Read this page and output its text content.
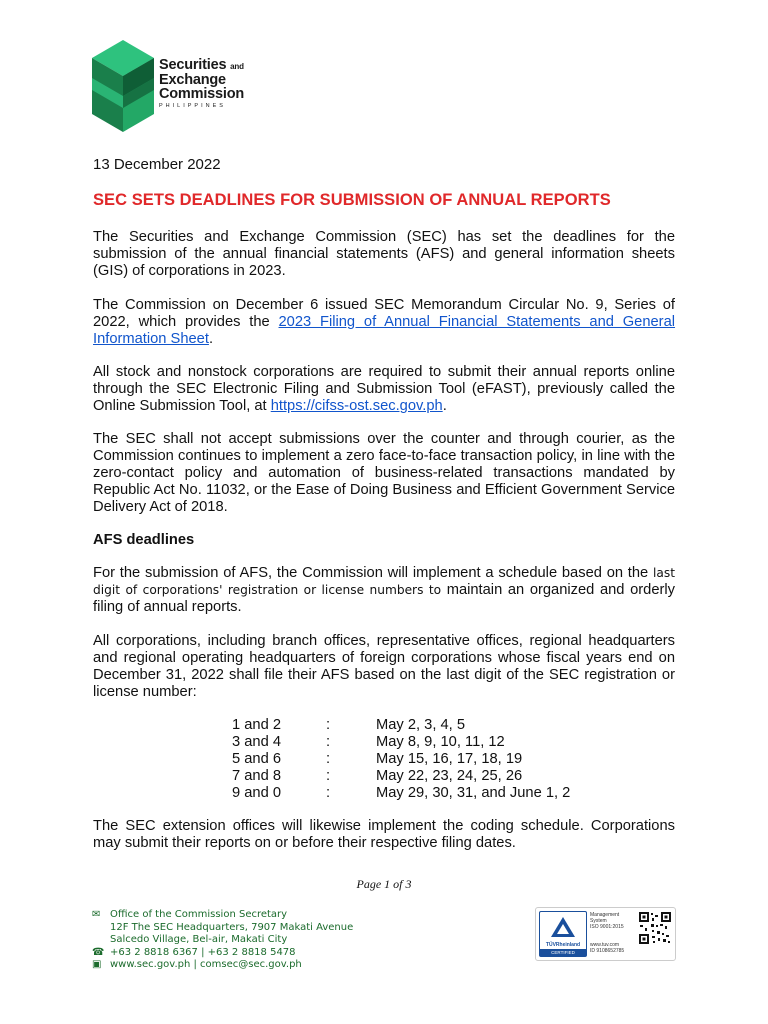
Securities and
Exchange
Commission
PHILIPPINES
13 December 2022
SEC SETS DEADLINES FOR SUBMISSION OF ANNUAL REPORTS

The Securities and Exchange Commission (SEC) has set the deadlines for the submission of the annual financial statements (AFS) and general information sheets (GIS) of corporations in 2023.

The Commission on December 6 issued SEC Memorandum Circular No. 9, Series of 2022, which provides the 2023 Filing of Annual Financial Statements and General Information Sheet.

All stock and nonstock corporations are required to submit their annual reports online through the SEC Electronic Filing and Submission Tool (eFAST), previously called the Online Submission Tool, at https://cifss-ost.sec.gov.ph.

The SEC shall not accept submissions over the counter and through courier, as the Commission continues to implement a zero face-to-face transaction policy, in line with the zero-contact policy and automation of business-related transactions mandated by Republic Act No. 11032, or the Ease of Doing Business and Efficient Government Service Delivery Act of 2018.

AFS deadlines

For the submission of AFS, the Commission will implement a schedule based on the last digit of corporations' registration or license numbers to maintain an organized and orderly filing of annual reports.

All corporations, including branch offices, representative offices, regional headquarters and regional operating headquarters of foreign corporations whose fiscal years end on December 31, 2022 shall file their AFS based on the last digit of the SEC registration or license number:

1 and 2	:	May 2, 3, 4, 5
3 and 4	:	May 8, 9, 10, 11, 12
5 and 6	:	May 15, 16, 17, 18, 19
7 and 8	:	May 22, 23, 24, 25, 26
9 and 0	:	May 29, 30, 31, and June 1, 2

The SEC extension offices will likewise implement the coding schedule. Corporations may submit their reports on or before their respective filing dates.

Page 1 of 3
✉ Office of the Commission Secretary
12F The SEC Headquarters, 7907 Makati Avenue
Salcedo Village, Bel-air, Makati City
☎ +63 2 8818 6367 | +63 2 8818 5478
▣ www.sec.gov.ph | comsec@sec.gov.ph
TÜVRheinland
CERTIFIED
Management
System
ISO 9001:2015
www.tuv.com
ID 9108652785
